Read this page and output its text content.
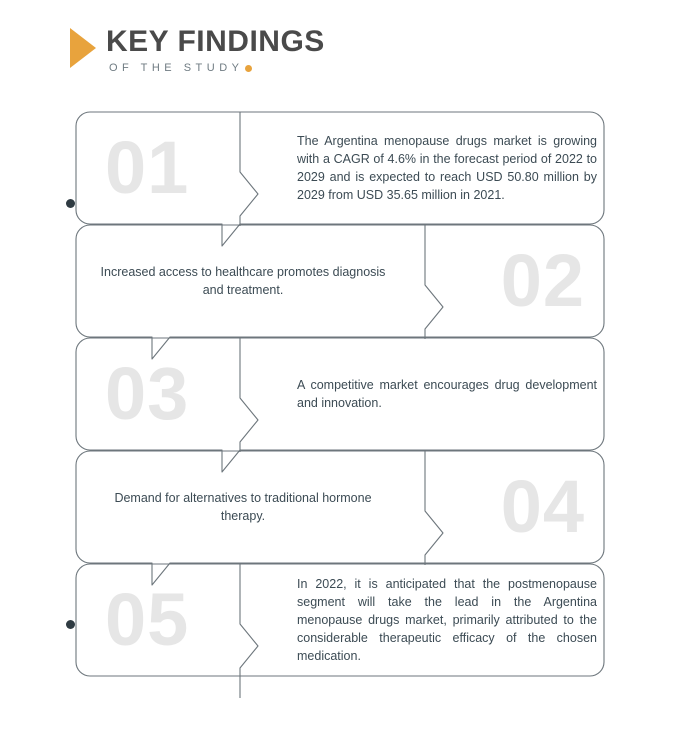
KEY FINDINGS
OF THE STUDY
01	The Argentina menopause drugs market is growing with a CAGR of 4.6% in the forecast period of 2022 to 2029 and is expected to reach USD 50.80 million by 2029 from USD 35.65 million in 2021.
02
Increased access to healthcare promotes diagnosis and treatment.
03	A competitive market encourages drug development and innovation.
04
Demand for alternatives to traditional hormone therapy.
05	In 2022, it is anticipated that the postmenopause segment will take the lead in the Argentina menopause drugs market, primarily attributed to the considerable therapeutic efficacy of the chosen medication.
